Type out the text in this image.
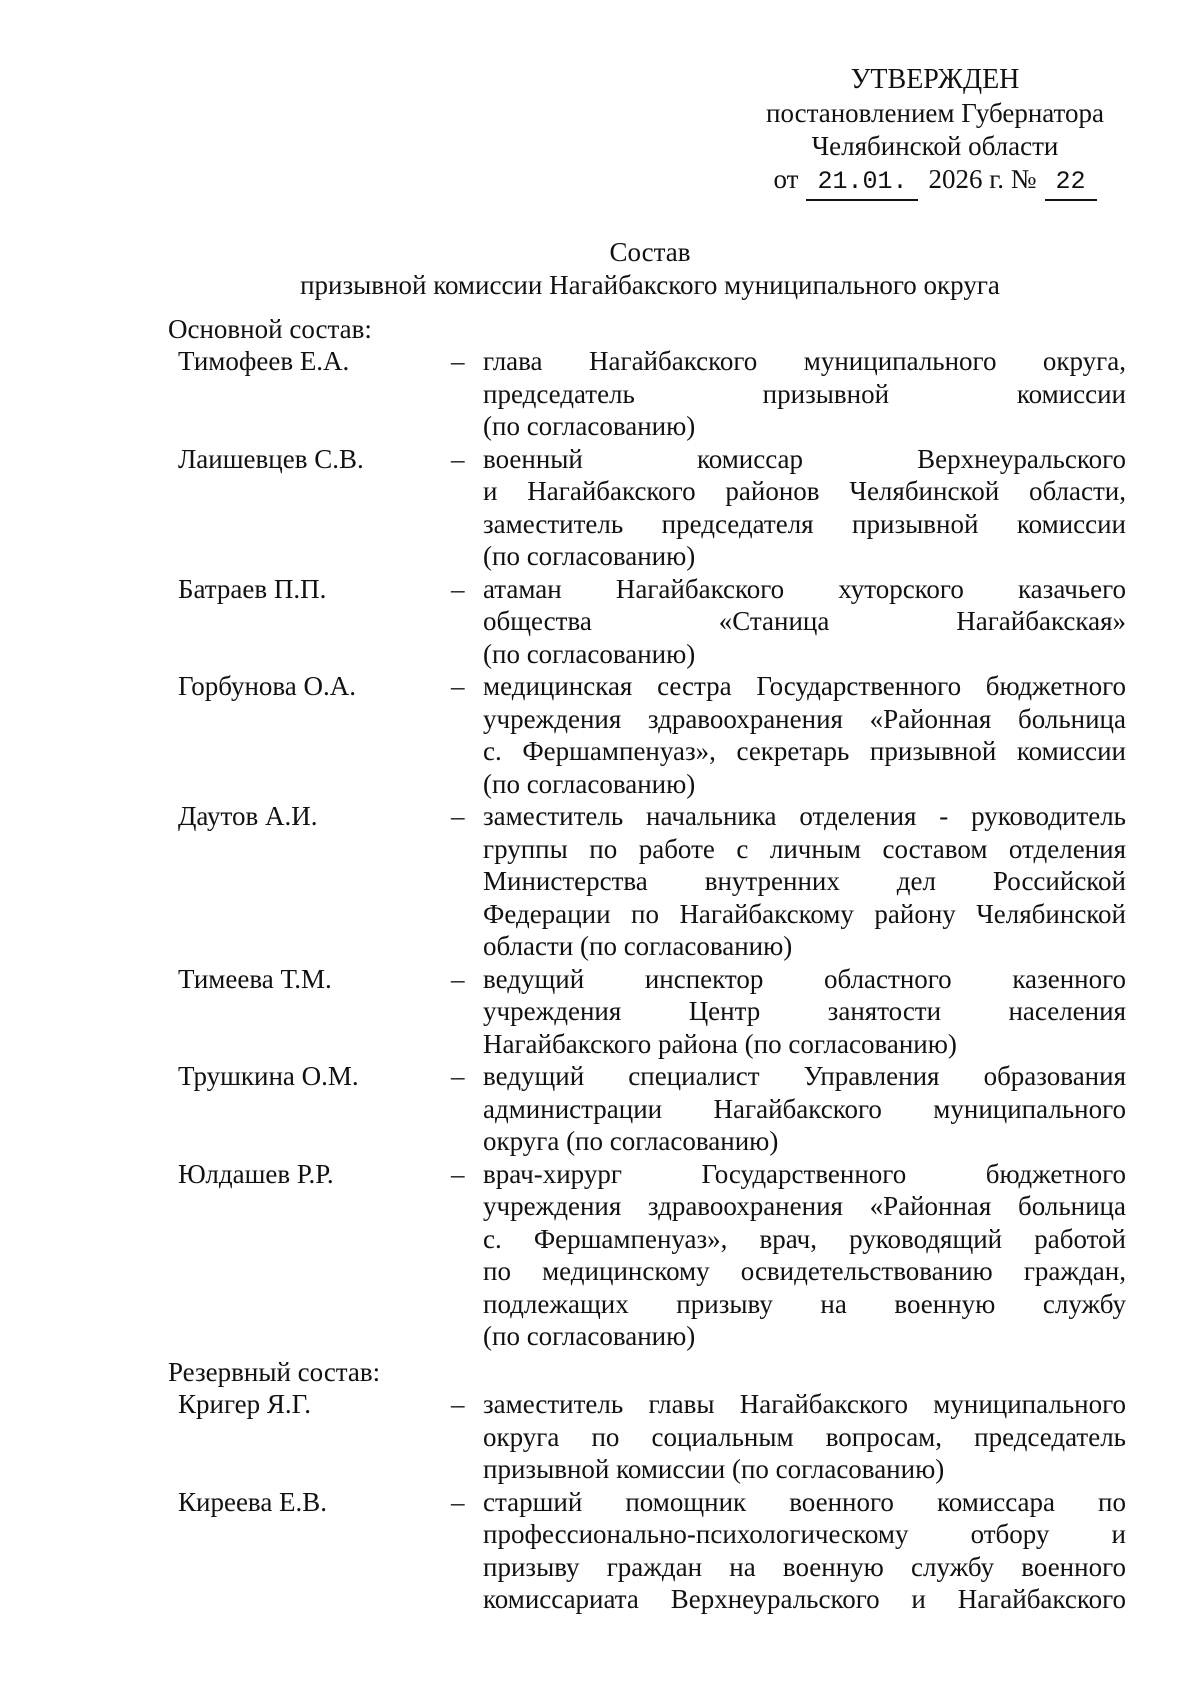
УТВЕРЖДЕН
постановлением Губернатора
Челябинской области
от 21.01. 2026 г. № 22
Состав
призывной комиссии Нагайбакского муниципального округа
Основной состав:
Тимофеев Е.А.	– глава Нагайбакского муниципального округа,
председатель призывной комиссии
(по согласованию)
Лаишевцев С.В.	– военный комиссар Верхнеуральского
и Нагайбакского районов Челябинской области,
заместитель председателя призывной комиссии
(по согласованию)
Батраев П.П.	– атаман Нагайбакского хуторского казачьего
общества «Станица Нагайбакская»
(по согласованию)
Горбунова О.А.	– медицинская сестра Государственного бюджетного
учреждения здравоохранения «Районная больница
с. Фершампенуаз», секретарь призывной комиссии
(по согласованию)
Даутов А.И.	– заместитель начальника отделения - руководитель
группы по работе с личным составом отделения
Министерства внутренних дел Российской
Федерации по Нагайбакскому району Челябинской
области (по согласованию)
Тимеева Т.М.	– ведущий инспектор областного казенного
учреждения Центр занятости населения
Нагайбакского района (по согласованию)
Трушкина О.М.	– ведущий специалист Управления образования
администрации Нагайбакского муниципального
округа (по согласованию)
Юлдашев Р.Р.	– врач-хирург Государственного бюджетного
учреждения здравоохранения «Районная больница
с. Фершампенуаз», врач, руководящий работой
по медицинскому освидетельствованию граждан,
подлежащих призыву на военную службу
(по согласованию)
Резервный состав:
Кригер Я.Г.	– заместитель главы Нагайбакского муниципального
округа по социальным вопросам, председатель
призывной комиссии (по согласованию)
Киреева Е.В.	– старший помощник военного комиссара по
профессионально-психологическому отбору и
призыву граждан на военную службу военного
комиссариата Верхнеуральского и Нагайбакского
